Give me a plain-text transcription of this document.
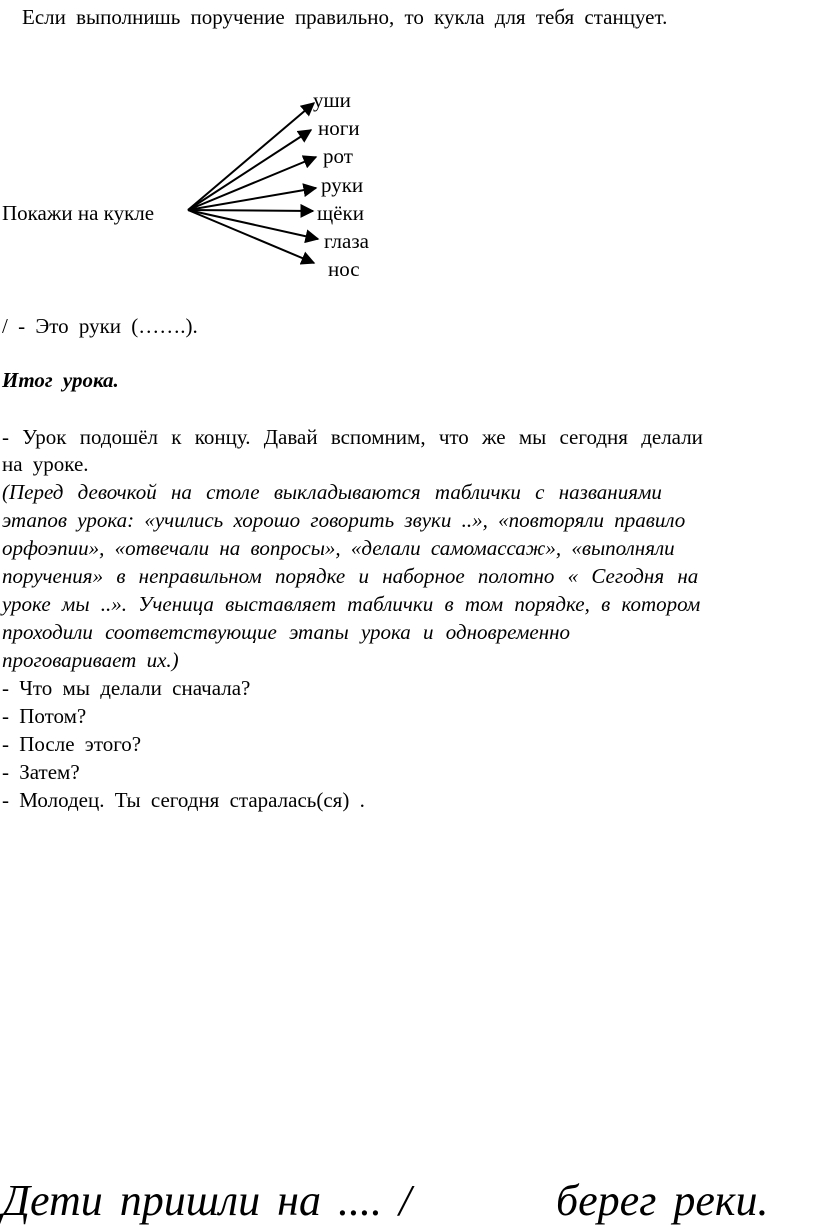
Если выполнишь поручение правильно, то кукла для тебя станцует.
Покажи на кукле
уши
ноги
рот
руки
щёки
глаза
нос
/ - Это руки (…….).
Итог урока.
- Урок подошёл к концу. Давай вспомним, что же мы сегодня делали
на уроке.
(Перед девочкой на столе выкладываются таблички с названиями
этапов урока: «учились хорошо говорить звуки ..», «повторяли правило
орфоэпии», «отвечали на вопросы», «делали самомассаж», «выполняли
поручения» в неправильном порядке и наборное полотно « Сегодня на
уроке мы ..». Ученица выставляет таблички в том порядке, в котором
проходили соответствующие этапы урока и одновременно
проговаривает их.)
- Что мы делали сначала?
- Потом?
- После этого?
- Затем?
- Молодец. Ты сегодня старалась(ся) .
Дети пришли на .... /	берег реки.
